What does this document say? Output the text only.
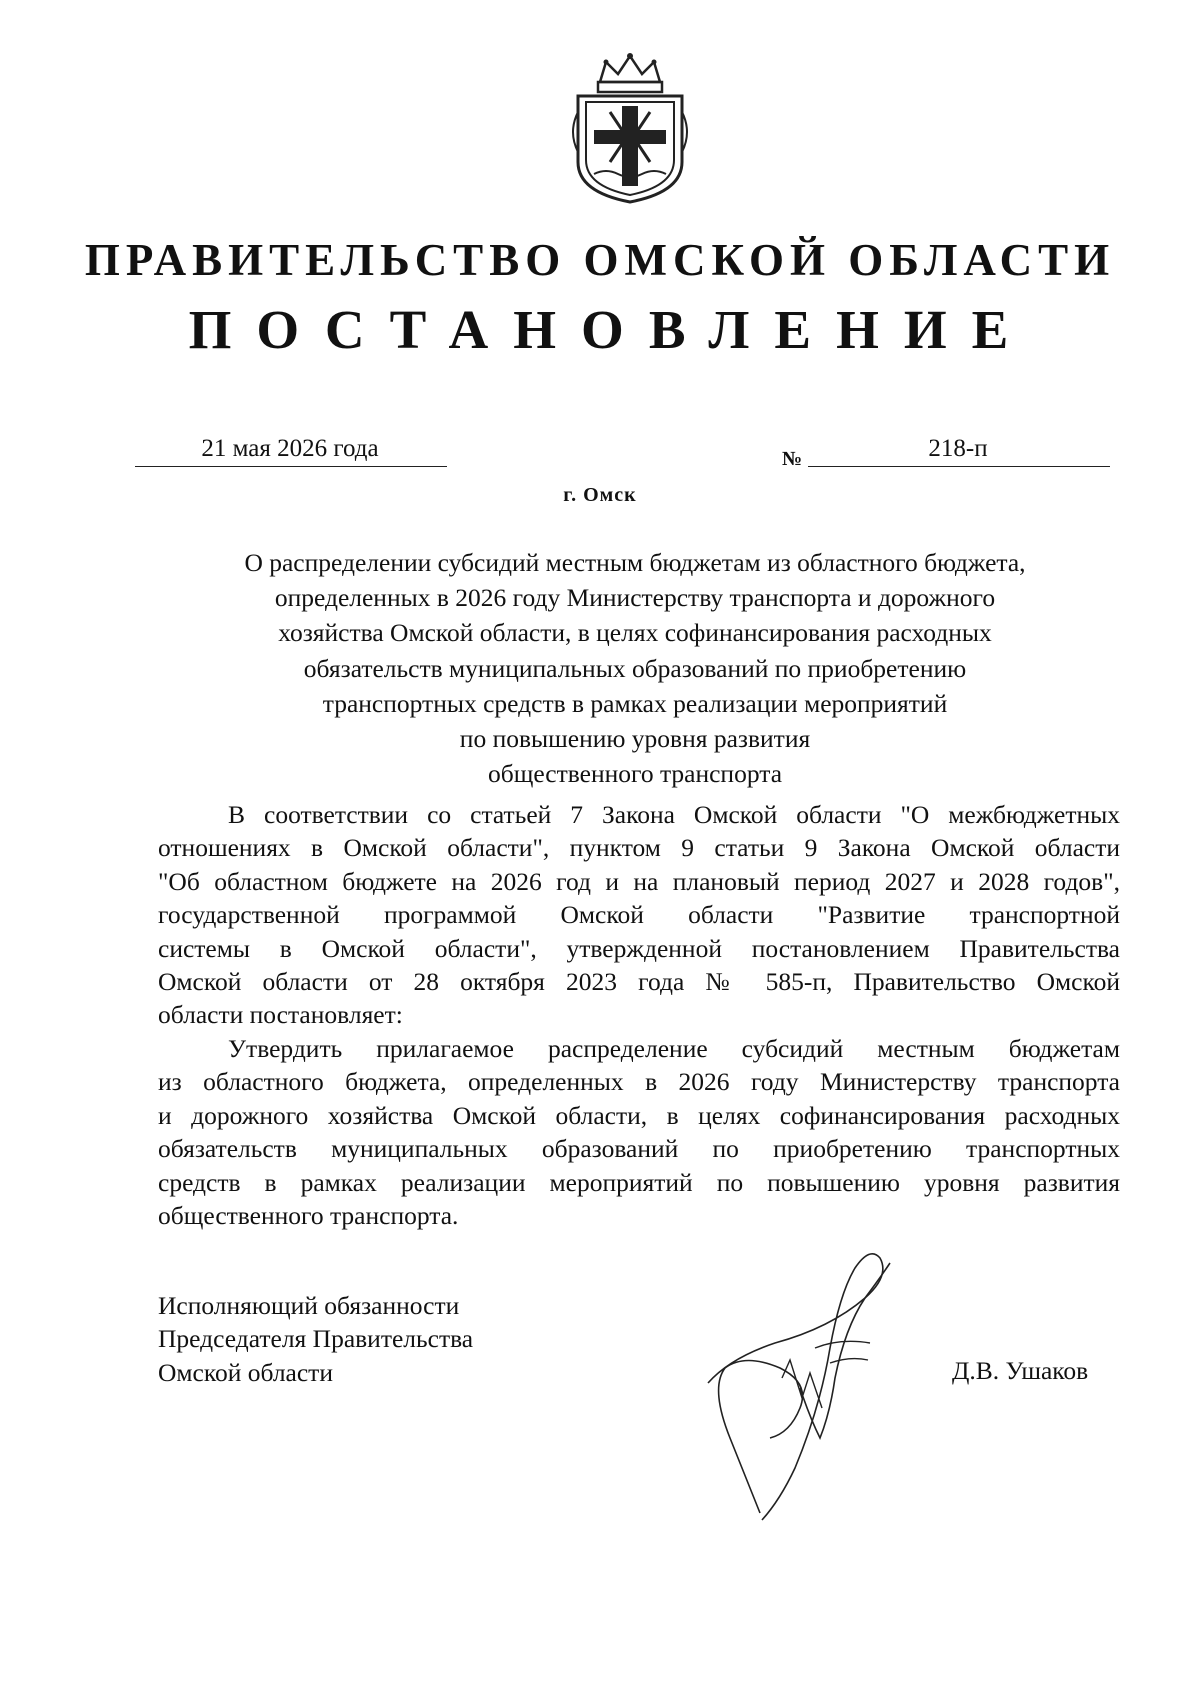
ПРАВИТЕЛЬСТВО ОМСКОЙ ОБЛАСТИ
ПОСТАНОВЛЕНИЕ
21 мая 2026 года	№	218-п
г. Омск
О распределении субсидий местным бюджетам из областного бюджета,
определенных в 2026 году Министерству транспорта и дорожного
хозяйства Омской области, в целях софинансирования расходных
обязательств муниципальных образований по приобретению
транспортных средств в рамках реализации мероприятий
по повышению уровня развития
общественного транспорта
В соответствии со статьей 7 Закона Омской области "О межбюджетных
отношениях в Омской области", пунктом 9 статьи 9 Закона Омской области
"Об областном бюджете на 2026 год и на плановый период 2027 и 2028 годов",
государственной программой Омской области "Развитие транспортной
системы в Омской области", утвержденной постановлением Правительства
Омской области от 28 октября 2023 года № 585-п, Правительство Омской
области постановляет:
Утвердить прилагаемое распределение субсидий местным бюджетам
из областного бюджета, определенных в 2026 году Министерству транспорта
и дорожного хозяйства Омской области, в целях софинансирования расходных
обязательств муниципальных образований по приобретению транспортных
средств в рамках реализации мероприятий по повышению уровня развития
общественного транспорта.
Исполняющий обязанности
Председателя Правительства
Омской области	Д.В. Ушаков
